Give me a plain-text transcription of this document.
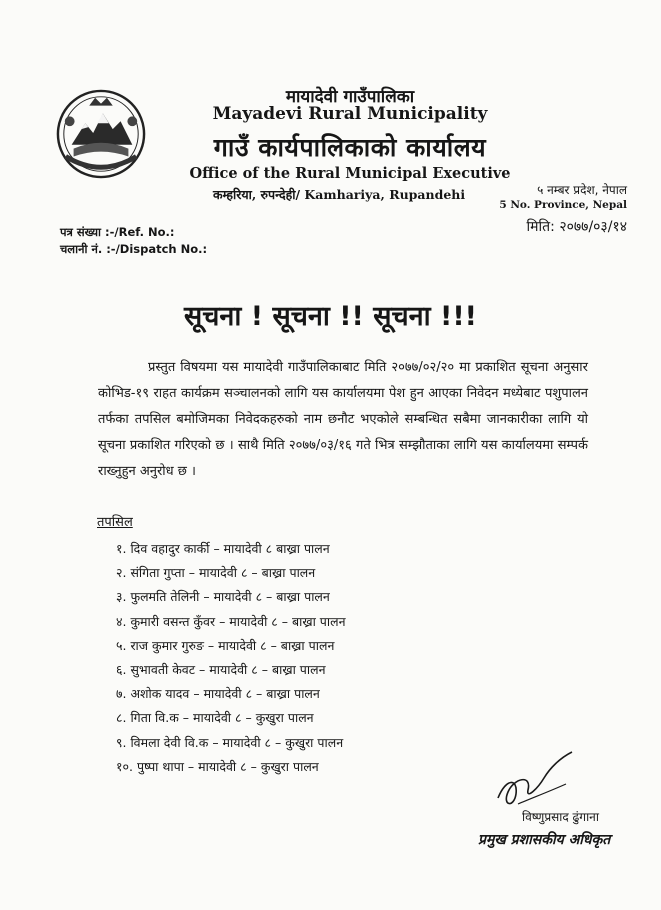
मायादेवी गाउँपालिका
Mayadevi Rural Municipality
गाउँ कार्यपालिकाको कार्यालय
Office of the Rural Municipal Executive
कम्हरिया, रुपन्देही/ Kamhariya, Rupandehi	५ नम्बर प्रदेश, नेपाल
5 No. Province, Nepal
मिति: २०७७/०३/१४
पत्र संख्या :-/Ref. No.:
चलानी नं. :-/Dispatch No.:
सूचना ! सूचना !! सूचना !!!

प्रस्तुत विषयमा यस मायादेवी गाउँपालिकाबाट मिति २०७७/०२/२० मा प्रकाशित सूचना अनुसार कोभिड-१९ राहत कार्यक्रम सञ्चालनको लागि यस कार्यालयमा पेश हुन आएका निवेदन मध्येबाट पशुपालन तर्फका तपसिल बमोजिमका निवेदकहरुको नाम छनौट भएकोले सम्बन्धित सबैमा जानकारीका लागि यो सूचना प्रकाशित गरिएको छ । साथै मिति २०७७/०३/१६ गते भित्र सम्झौताका लागि यस कार्यालयमा सम्पर्क राख्नुहुन अनुरोध छ ।

तपसिल
१. दिव वहादुर कार्की – मायादेवी ८ बाख्रा पालन
२. संगिता गुप्ता – मायादेवी ८ – बाख्रा पालन
३. फुलमति तेलिनी – मायादेवी ८ – बाख्रा पालन
४. कुमारी वसन्त कुँवर – मायादेवी ८ – बाख्रा पालन
५. राज कुमार गुरुङ – मायादेवी ८ – बाख्रा पालन
६. सुभावती केवट – मायादेवी ८ – बाख्रा पालन
७. अशोक यादव – मायादेवी ८ – बाख्रा पालन
८. गिता वि.क – मायादेवी ८ – कुखुरा पालन
९. विमला देवी वि.क – मायादेवी ८ – कुखुरा पालन
१०. पुष्पा थापा – मायादेवी ८ – कुखुरा पालन
विष्णुप्रसाद ढुंगाना
प्रमुख प्रशासकीय अधिकृत
